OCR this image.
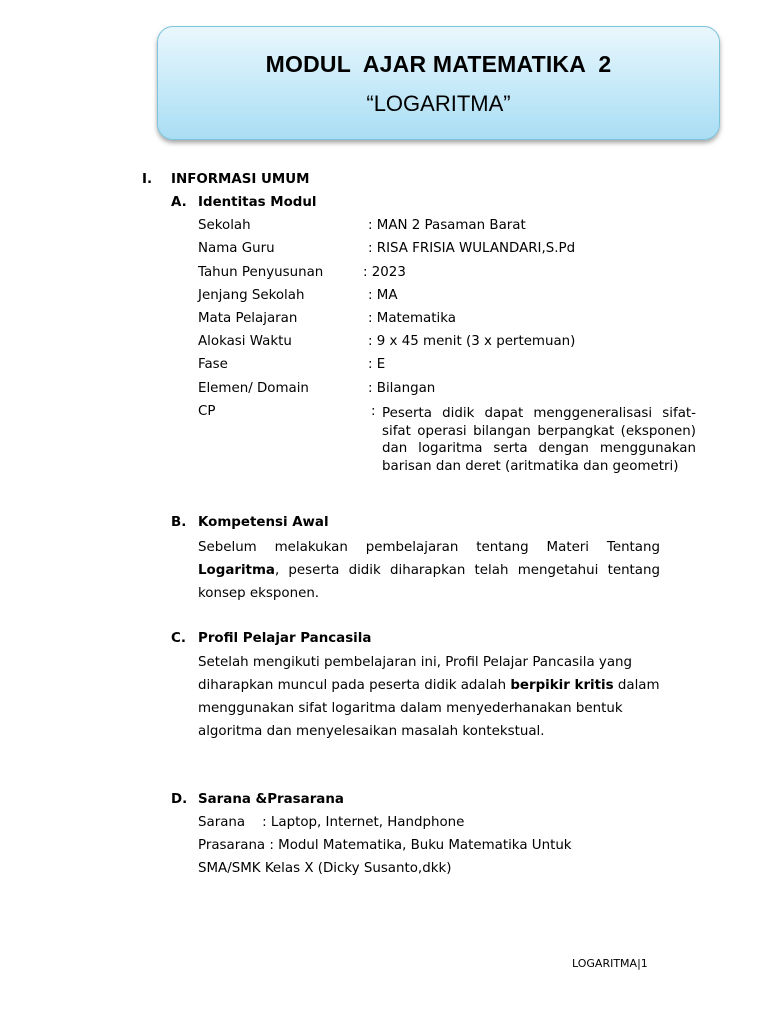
MODUL  AJAR MATEMATIKA  2
“LOGARITMA”
I. INFORMASI UMUM
A. Identitas Modul
Sekolah	: MAN 2 Pasaman Barat
Nama Guru	: RISA FRISIA WULANDARI,S.Pd
Tahun Penyusunan	: 2023
Jenjang Sekolah	: MA
Mata Pelajaran	: Matematika
Alokasi Waktu	: 9 x 45 menit (3 x pertemuan)
Fase	: E
Elemen/ Domain	: Bilangan
CP	: Peserta didik dapat menggeneralisasi sifat-sifat operasi bilangan berpangkat (eksponen) dan logaritma serta dengan menggunakan barisan dan deret (aritmatika dan geometri)
B. Kompetensi Awal
Sebelum melakukan pembelajaran tentang Materi Tentang Logaritma, peserta didik diharapkan telah mengetahui tentang konsep eksponen.
C. Profil Pelajar Pancasila
Setelah mengikuti pembelajaran ini, Profil Pelajar Pancasila yang diharapkan muncul pada peserta didik adalah berpikir kritis dalam menggunakan sifat logaritma dalam menyederhanakan bentuk algoritma dan menyelesaikan masalah kontekstual.
D. Sarana &Prasarana
Sarana    : Laptop, Internet, Handphone
Prasarana : Modul Matematika, Buku Matematika Untuk
SMA/SMK Kelas X (Dicky Susanto,dkk)
LOGARITMA|1
